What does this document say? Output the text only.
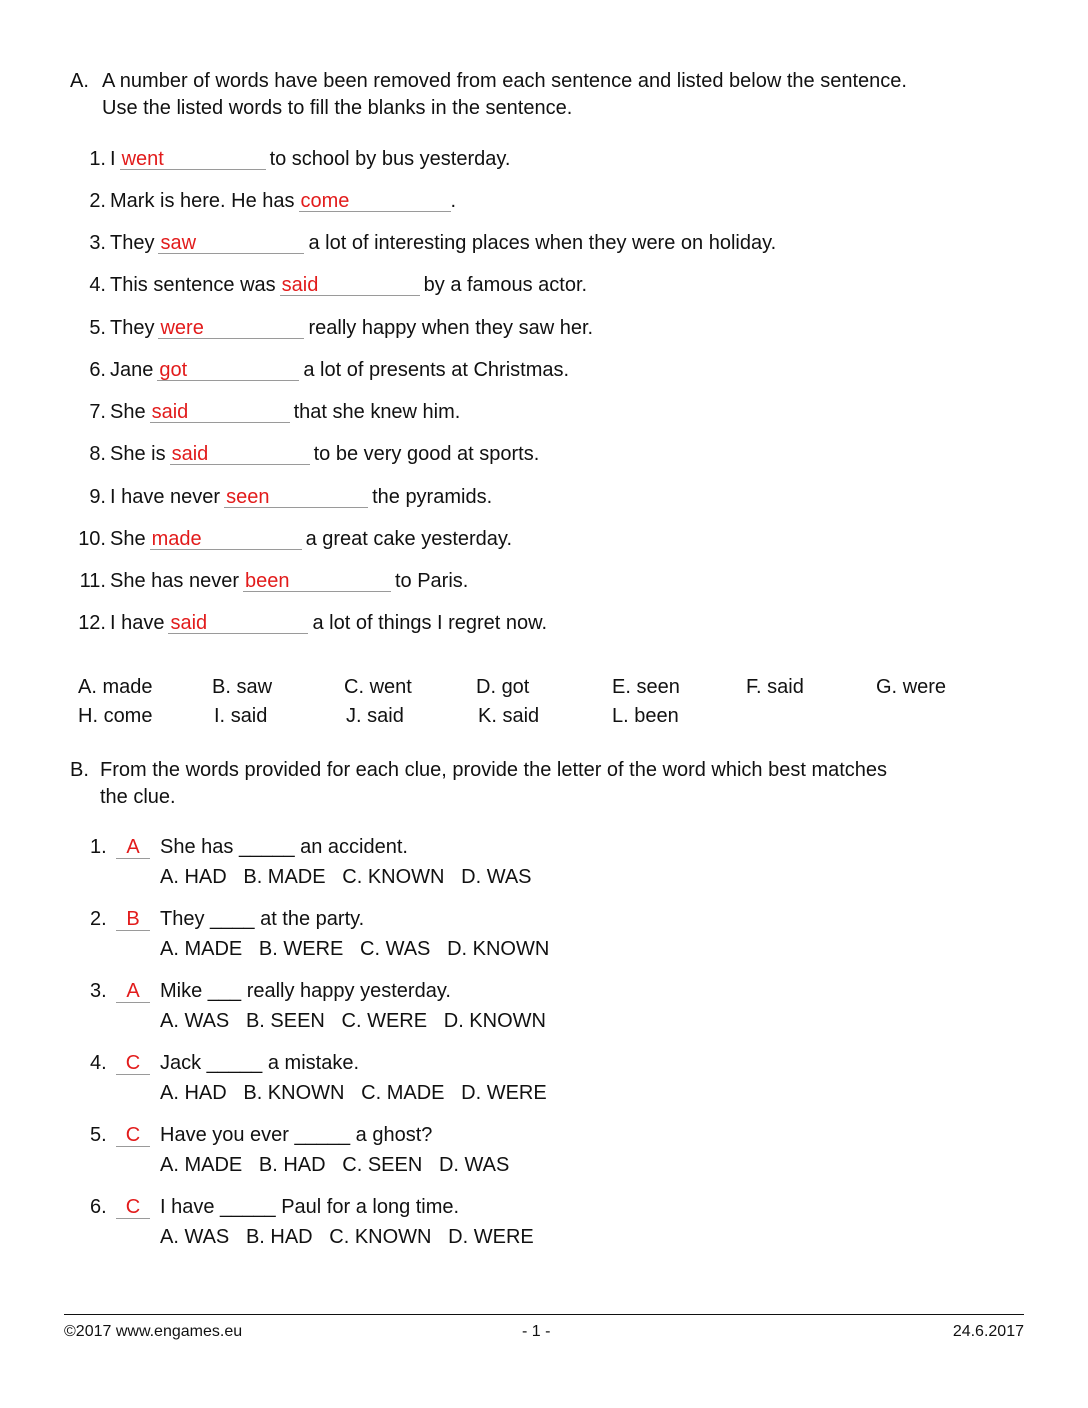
A. A number of words have been removed from each sentence and listed below the sentence.
Use the listed words to fill the blanks in the sentence.
1. I went	to school by bus yesterday.
2. Mark is here. He has come	.
3. They saw	a lot of interesting places when they were on holiday.
4. This sentence was said	by a famous actor.
5. They were	really happy when they saw her.
6. Jane got	a lot of presents at Christmas.
7. She said	that she knew him.
8. She is said	to be very good at sports.
9. I have never seen	the pyramids.
10. She made	a great cake yesterday.
11. She has never been	to Paris.
12. I have said	a lot of things I regret now.
A. made	B. saw	C. went	D. got	E. seen	F. said	G. were
H. come	I. said	J. said	K. said	L. been
B. From the words provided for each clue, provide the letter of the word which best matches
the clue.
1. A	She has _____ an accident.
A. HAD   B. MADE   C. KNOWN   D. WAS
2. B	They ____ at the party.
A. MADE   B. WERE   C. WAS   D. KNOWN
3. A	Mike ___ really happy yesterday.
A. WAS   B. SEEN   C. WERE   D. KNOWN
4. C Jack _____ a mistake.
A. HAD   B. KNOWN   C. MADE   D. WERE
5. C Have you ever _____ a ghost?
A. MADE   B. HAD   C. SEEN   D. WAS
6. C I have _____ Paul for a long time.
A. WAS   B. HAD   C. KNOWN   D. WERE
©2017 www.engames.eu	- 1 -	24.6.2017
